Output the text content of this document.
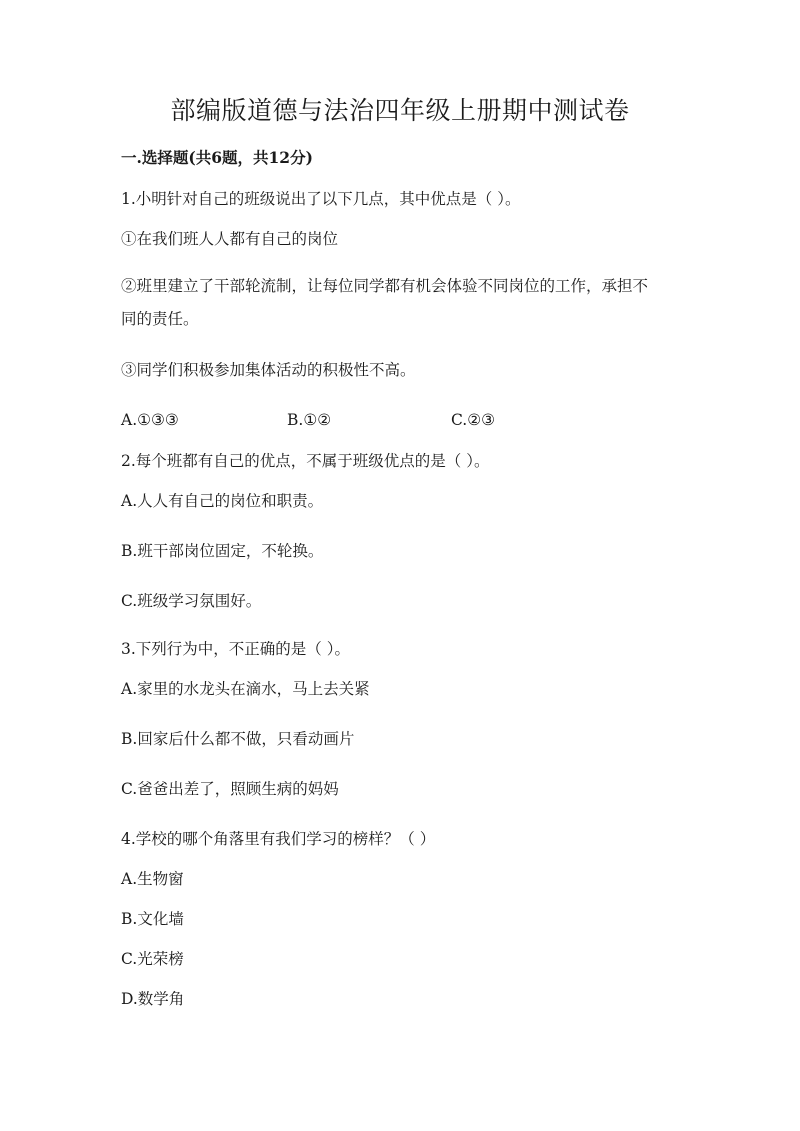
部编版道德与法治四年级上册期中测试卷
一.选择题(共6题，共12分)
1.小明针对自己的班级说出了以下几点，其中优点是（ ）。
①在我们班人人都有自己的岗位
②班里建立了干部轮流制，让每位同学都有机会体验不同岗位的工作，承担不
同的责任。
③同学们积极参加集体活动的积极性不高。
A.①③③	B.①②	C.②③
2.每个班都有自己的优点，不属于班级优点的是（ ）。
A.人人有自己的岗位和职责。
B.班干部岗位固定，不轮换。
C.班级学习氛围好。
3.下列行为中，不正确的是（ ）。
A.家里的水龙头在滴水，马上去关紧
B.回家后什么都不做，只看动画片
C.爸爸出差了，照顾生病的妈妈
4.学校的哪个角落里有我们学习的榜样？（ ）
A.生物窗
B.文化墙
C.光荣榜
D.数学角
